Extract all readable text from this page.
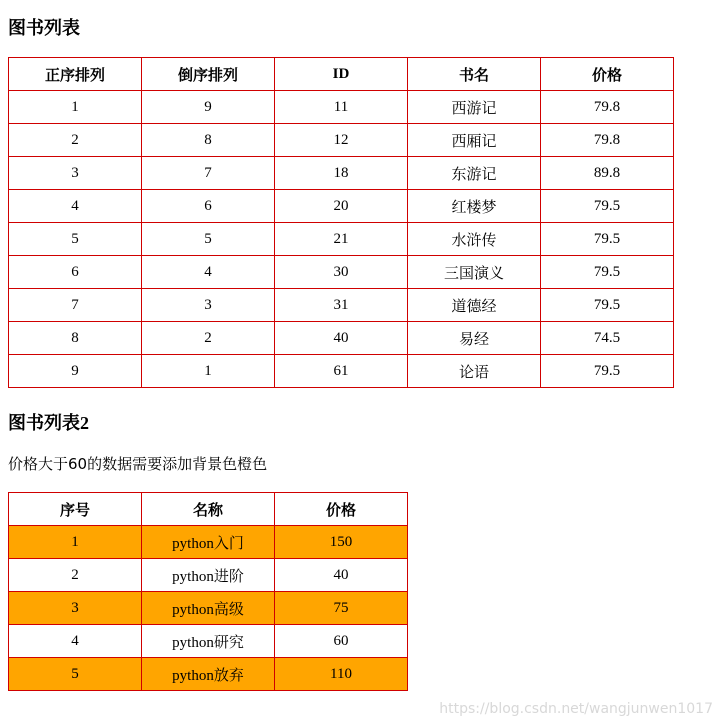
图书列表
正序排列	倒序排列	ID	书名	价格
1	9	11	西游记	79.8
2	8	12	西厢记	79.8
3	7	18	东游记	89.8
4	6	20	红楼梦	79.5
5	5	21	水浒传	79.5
6	4	30	三国演义	79.5
7	3	31	道德经	79.5
8	2	40	易经	74.5
9	1	61	论语	79.5
图书列表2

价格大于60的数据需要添加背景色橙色

序号	名称	价格
1	python入门	150
2	python进阶	40
3	python高级	75
4	python研究	60
5	python放弃	110
https://blog.csdn.net/wangjunwen1017
